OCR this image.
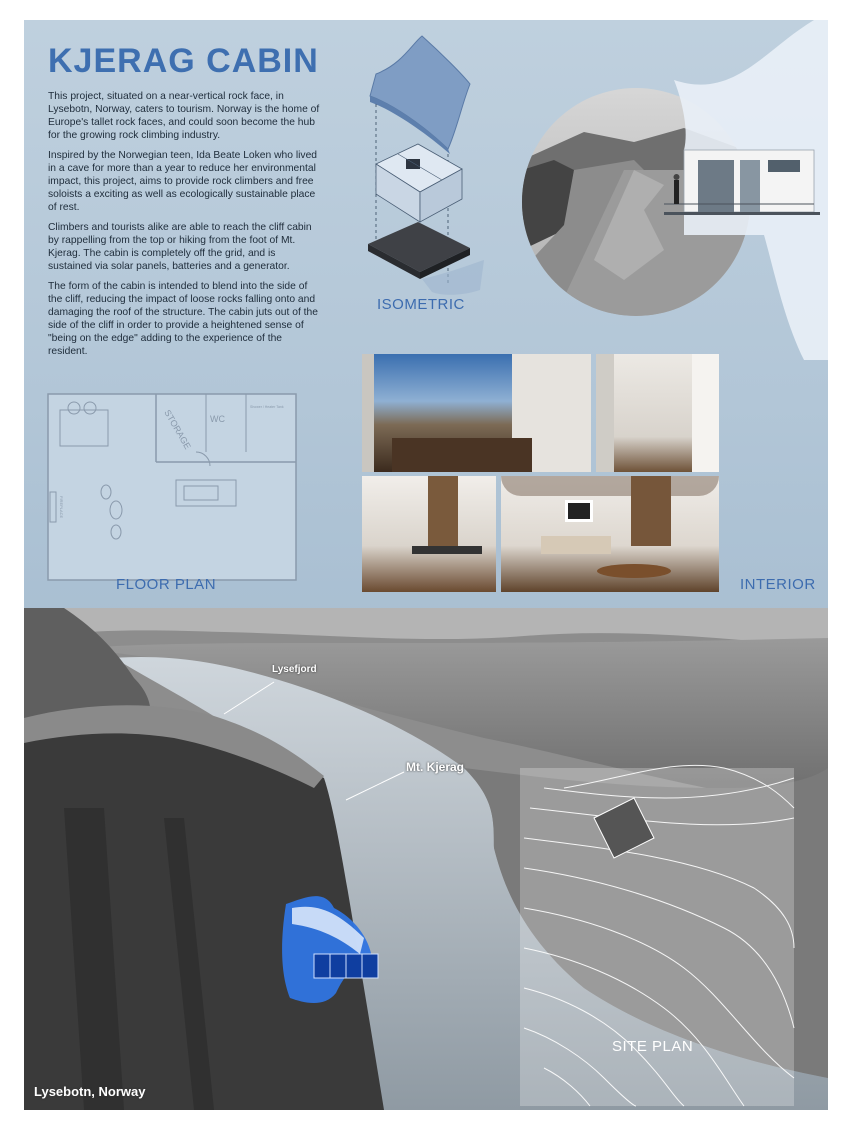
KJERAG CABIN

This project, situated on a near-vertical rock face, in Lysebotn, Norway, caters to tourism. Norway is the home of Europe's tallet rock faces, and could soon become the hub for the growing rock climbing industry.

Inspired by the Norwegian teen, Ida Beate Loken who lived in a cave for more than a year to reduce her environmental impact, this project, aims to provide rock climbers and free soloists a exciting as well as ecologically sustainable place of rest.

Climbers and tourists alike are able to reach the cliff cabin by rappelling from the top or hiking from the foot of Mt. Kjerag. The cabin is completely off the grid, and is sustained via solar panels, batteries and a generator.

The form of the cabin is intended to blend into the side of the cliff, reducing the impact of loose rocks falling onto and damaging the roof of the structure. The cabin juts out of the side of the cliff in order to provide a heightened sense of "being on the edge" adding to the experience of the resident.

ISOMETRIC
STORAGE WC
Shower / Heater Tank
FIREPLACE
FLOOR PLAN	INTERIOR
Lysefjord
Mt. Kjerag
SITE PLAN
Lysebotn, Norway
